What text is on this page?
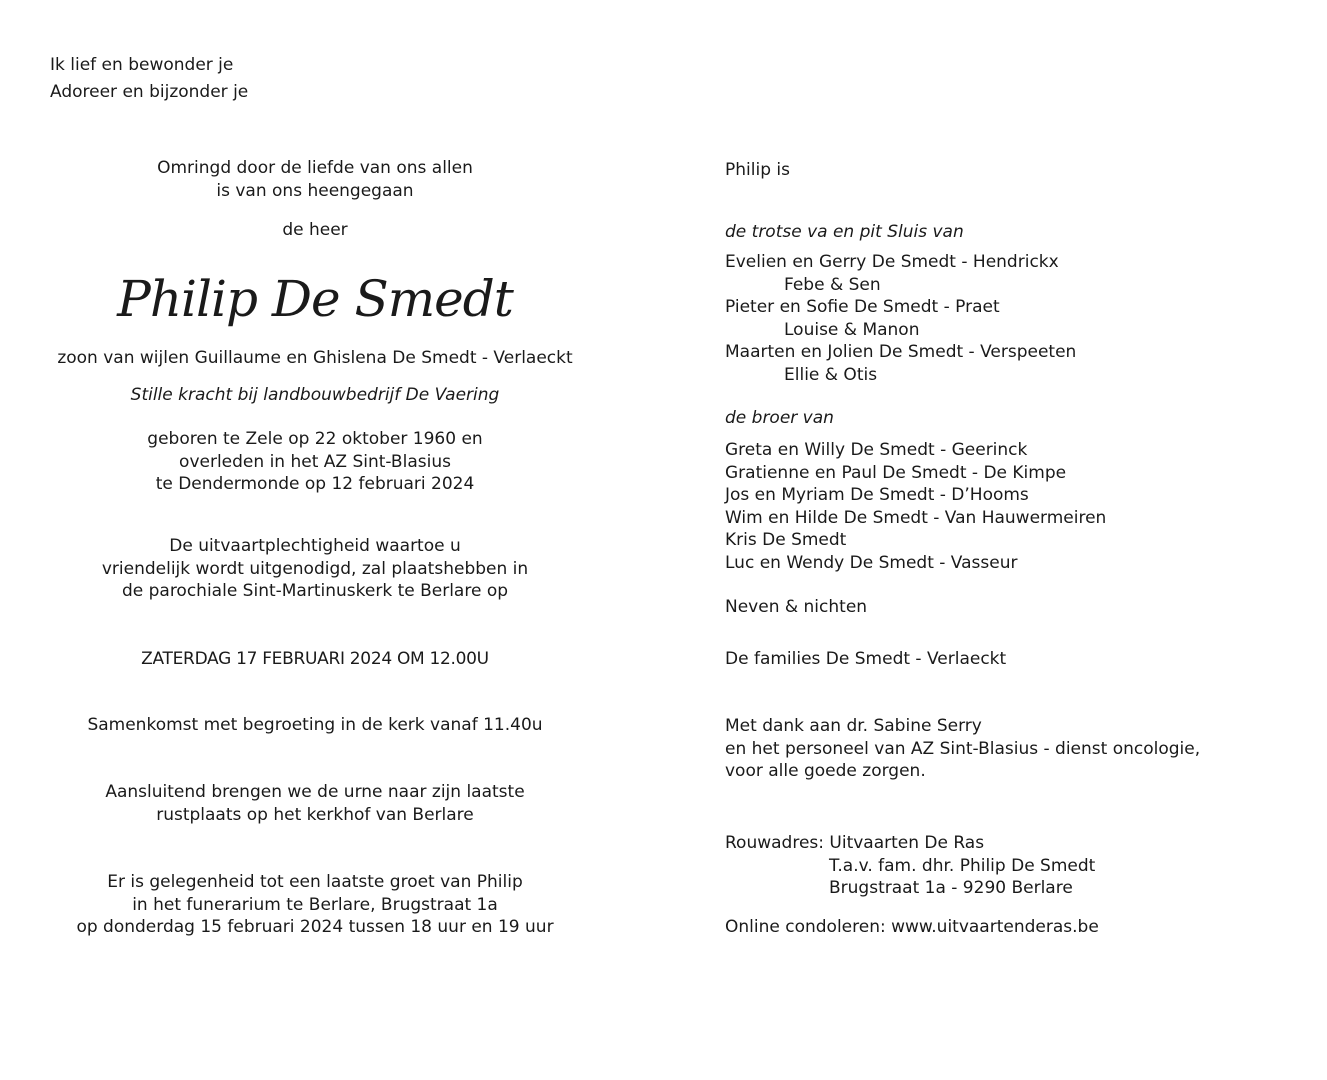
Ik lief en bewonder je
Adoreer en bijzonder je
Omringd door de liefde van ons allen
is van ons heengegaan
de heer
Philip De Smedt
zoon van wijlen Guillaume en Ghislena De Smedt - Verlaeckt
Stille kracht bij landbouwbedrijf De Vaering
geboren te Zele op 22 oktober 1960 en
overleden in het AZ Sint-Blasius
te Dendermonde op 12 februari 2024
De uitvaartplechtigheid waartoe u
vriendelijk wordt uitgenodigd, zal plaatshebben in
de parochiale Sint-Martinuskerk te Berlare op
ZATERDAG 17 FEBRUARI 2024 OM 12.00U
Samenkomst met begroeting in de kerk vanaf 11.40u
Aansluitend brengen we de urne naar zijn laatste
rustplaats op het kerkhof van Berlare
Er is gelegenheid tot een laatste groet van Philip
in het funerarium te Berlare, Brugstraat 1a
op donderdag 15 februari 2024 tussen 18 uur en 19 uur
Philip is
de trotse va en pit Sluis van
Evelien en Gerry De Smedt - Hendrickx
Febe & Sen
Pieter en Sofie De Smedt - Praet
Louise & Manon
Maarten en Jolien De Smedt - Verspeeten
Ellie & Otis
de broer van
Greta en Willy De Smedt - Geerinck
Gratienne en Paul De Smedt - De Kimpe
Jos en Myriam De Smedt - D’Hooms
Wim en Hilde De Smedt - Van Hauwermeiren
Kris De Smedt
Luc en Wendy De Smedt - Vasseur
Neven & nichten
De families De Smedt - Verlaeckt
Met dank aan dr. Sabine Serry
en het personeel van AZ Sint-Blasius - dienst oncologie,
voor alle goede zorgen.
Rouwadres: Uitvaarten De Ras
T.a.v. fam. dhr. Philip De Smedt
Brugstraat 1a - 9290 Berlare
Online condoleren: www.uitvaartenderas.be
